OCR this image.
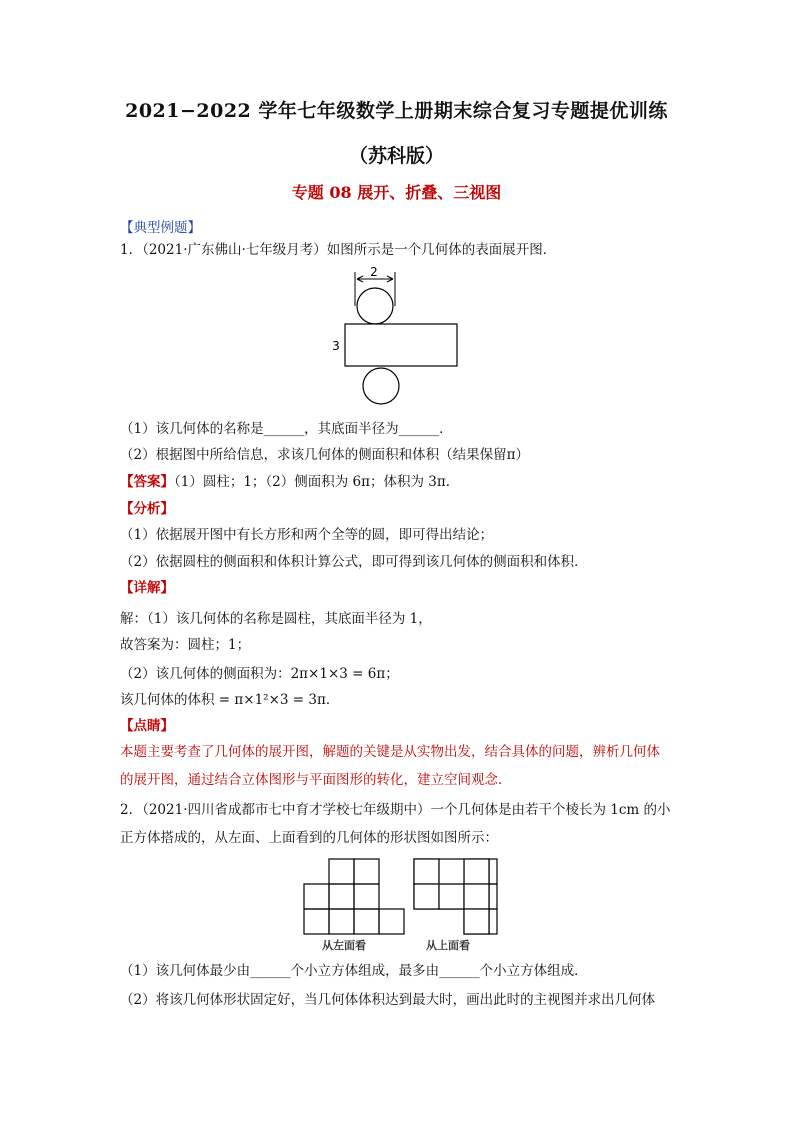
2021−2022 学年七年级数学上册期末综合复习专题提优训练
（苏科版）
专题 08 展开、折叠、三视图
【典型例题】
1．（2021·广东佛山·七年级月考）如图所示是一个几何体的表面展开图．
2
3
（1）该几何体的名称是______，其底面半径为______．
（2）根据图中所给信息，求该几何体的侧面积和体积（结果保留π）
【答案】（1）圆柱；1；（2）侧面积为 6π；体积为 3π．
【分析】
（1）依据展开图中有长方形和两个全等的圆，即可得出结论；
（2）依据圆柱的侧面积和体积计算公式，即可得到该几何体的侧面积和体积．
【详解】
解：（1）该几何体的名称是圆柱，其底面半径为 1，
故答案为：圆柱；1；
（2）该几何体的侧面积为：2π×1×3 = 6π；
该几何体的体积 = π×1²×3 = 3π．
【点睛】
本题主要考查了几何体的展开图，解题的关键是从实物出发，结合具体的问题，辨析几何体
的展开图，通过结合立体图形与平面图形的转化，建立空间观念．
2．（2021·四川省成都市七中育才学校七年级期中）一个几何体是由若干个棱长为 1cm 的小
正方体搭成的，从左面、上面看到的几何体的形状图如图所示：
从左面看	从上面看
（1）该几何体最少由______个小立方体组成，最多由______个小立方体组成．
（2）将该几何体形状固定好，当几何体体积达到最大时，画出此时的主视图并求出几何体
